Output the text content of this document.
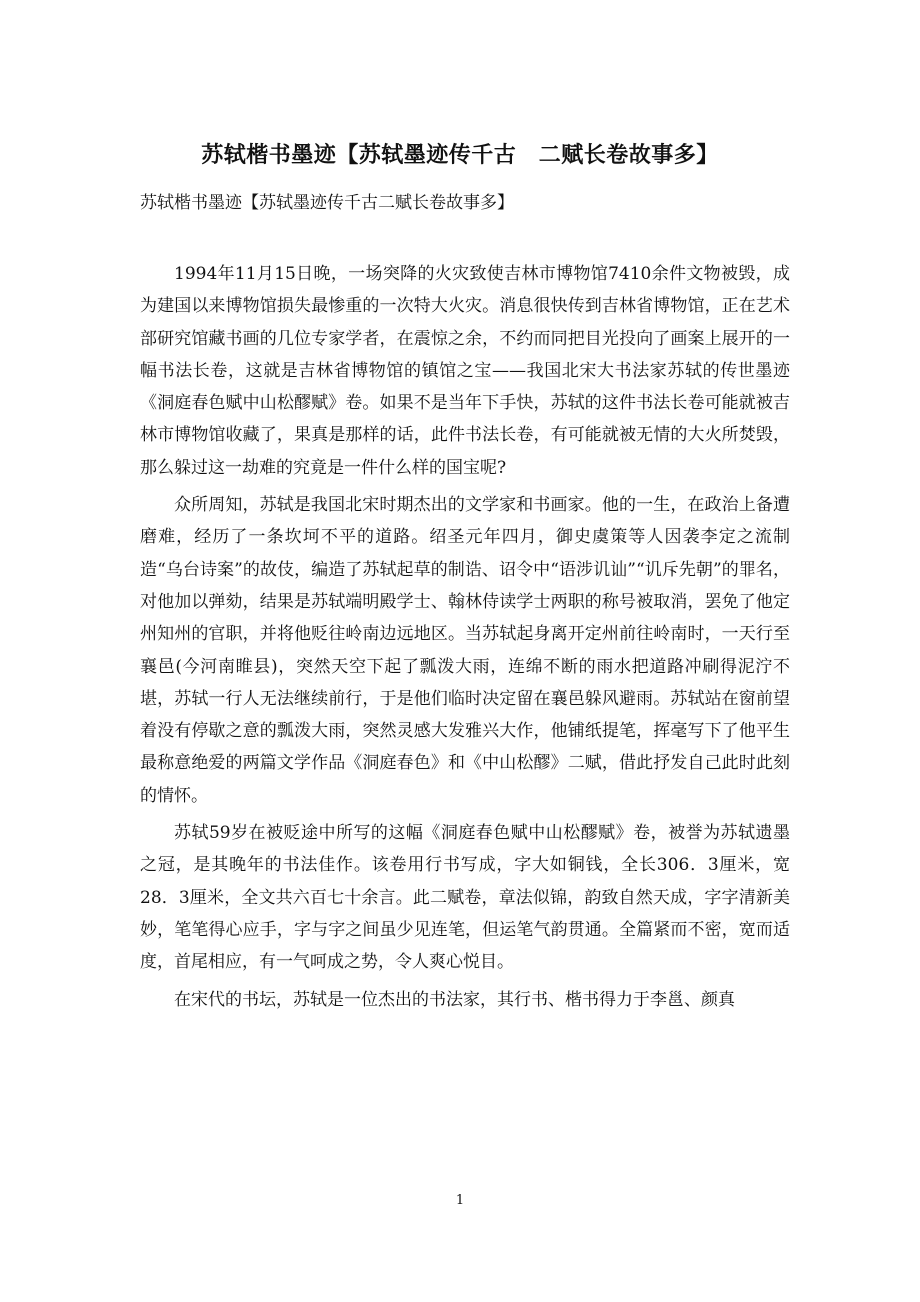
苏轼楷书墨迹【苏轼墨迹传千古　二赋长卷故事多】
苏轼楷书墨迹【苏轼墨迹传千古二赋长卷故事多】

1994年11月15日晚，一场突降的火灾致使吉林市博物馆7410余件文物被毁，成为建国以来博物馆损失最惨重的一次特大火灾。消息很快传到吉林省博物馆，正在艺术部研究馆藏书画的几位专家学者，在震惊之余，不约而同把目光投向了画案上展开的一幅书法长卷，这就是吉林省博物馆的镇馆之宝——我国北宋大书法家苏轼的传世墨迹《洞庭春色赋中山松醪赋》卷。如果不是当年下手快，苏轼的这件书法长卷可能就被吉林市博物馆收藏了，果真是那样的话，此件书法长卷，有可能就被无情的大火所焚毁，那么躲过这一劫难的究竟是一件什么样的国宝呢?

众所周知，苏轼是我国北宋时期杰出的文学家和书画家。他的一生，在政治上备遭磨难，经历了一条坎坷不平的道路。绍圣元年四月，御史虞策等人因袭李定之流制造“乌台诗案”的故伎，编造了苏轼起草的制诰、诏令中“语涉讥讪”“讥斥先朝”的罪名，对他加以弹劾，结果是苏轼端明殿学士、翰林侍读学士两职的称号被取消，罢免了他定州知州的官职，并将他贬往岭南边远地区。当苏轼起身离开定州前往岭南时，一天行至襄邑(今河南睢县)，突然天空下起了瓢泼大雨，连绵不断的雨水把道路冲刷得泥泞不堪，苏轼一行人无法继续前行，于是他们临时决定留在襄邑躲风避雨。苏轼站在窗前望着没有停歇之意的瓢泼大雨，突然灵感大发雅兴大作，他铺纸提笔，挥毫写下了他平生最称意绝爱的两篇文学作品《洞庭春色》和《中山松醪》二赋，借此抒发自己此时此刻的情怀。

苏轼59岁在被贬途中所写的这幅《洞庭春色赋中山松醪赋》卷，被誉为苏轼遗墨之冠，是其晚年的书法佳作。该卷用行书写成，字大如铜钱，全长306．3厘米，宽28．3厘米，全文共六百七十余言。此二赋卷，章法似锦，韵致自然天成，字字清新美妙，笔笔得心应手，字与字之间虽少见连笔，但运笔气韵贯通。全篇紧而不密，宽而适度，首尾相应，有一气呵成之势，令人爽心悦目。

在宋代的书坛，苏轼是一位杰出的书法家，其行书、楷书得力于李邕、颜真

1
